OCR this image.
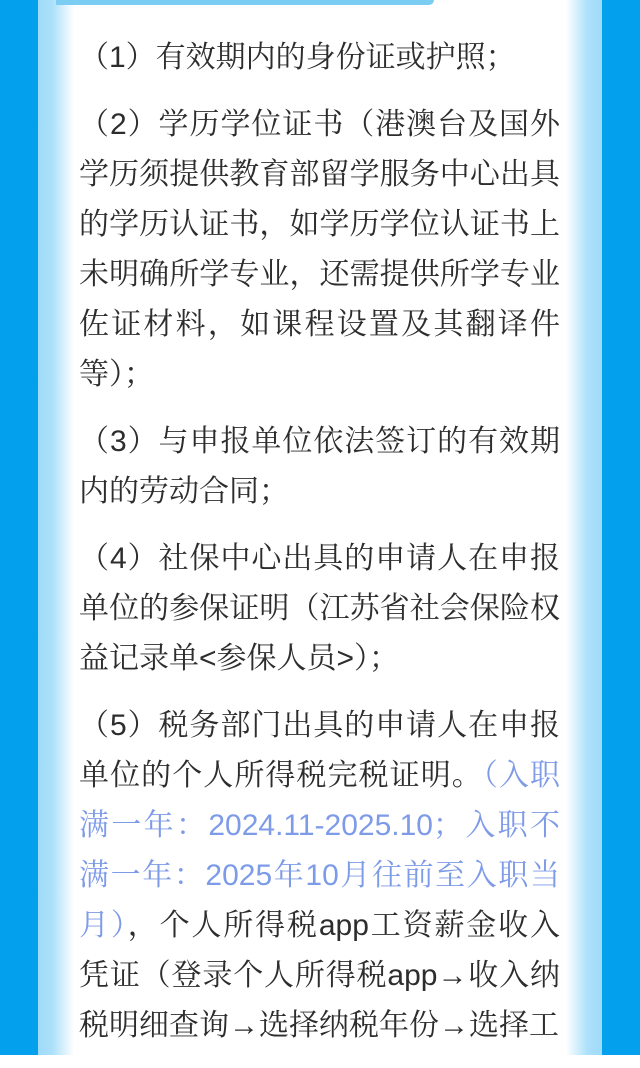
（1）有效期内的身份证或护照；

（2）学历学位证书（港澳台及国外学历须提供教育部留学服务中心出具的学历认证书，如学历学位认证书上未明确所学专业，还需提供所学专业佐证材料，如课程设置及其翻译件等）；

（3）与申报单位依法签订的有效期内的劳动合同；

（4）社保中心出具的申请人在申报单位的参保证明（江苏省社会保险权益记录单<参保人员>）；

（5）税务部门出具的申请人在申报单位的个人所得税完税证明。（入职满一年：2024.11-2025.10；入职不满一年：2025年10月往前至入职当月），个人所得税app工资薪金收入凭证（登录个人所得税app→收入纳税明细查询→选择纳税年份→选择工
